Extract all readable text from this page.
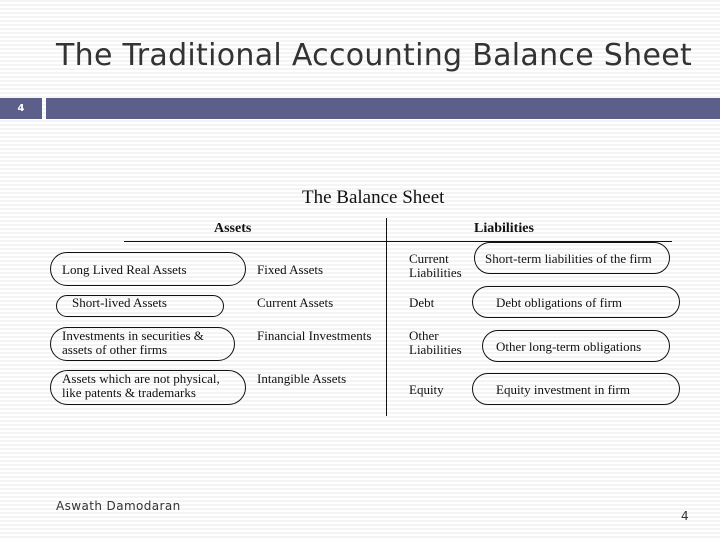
The Traditional Accounting Balance Sheet
4
The Balance Sheet
Assets	Liabilities
Long Lived Real Assets
Short-lived Assets
Investments in securities &
assets of other firms
Assets which are not physical,
like patents & trademarks
Fixed Assets
Current Assets
Financial Investments
Intangible Assets
Current
Liabilities
Debt
Other
Liabilities
Equity
Short-term liabilities of the firm
Debt obligations of firm
Other long-term obligations
Equity investment in firm
Aswath Damodaran
4
